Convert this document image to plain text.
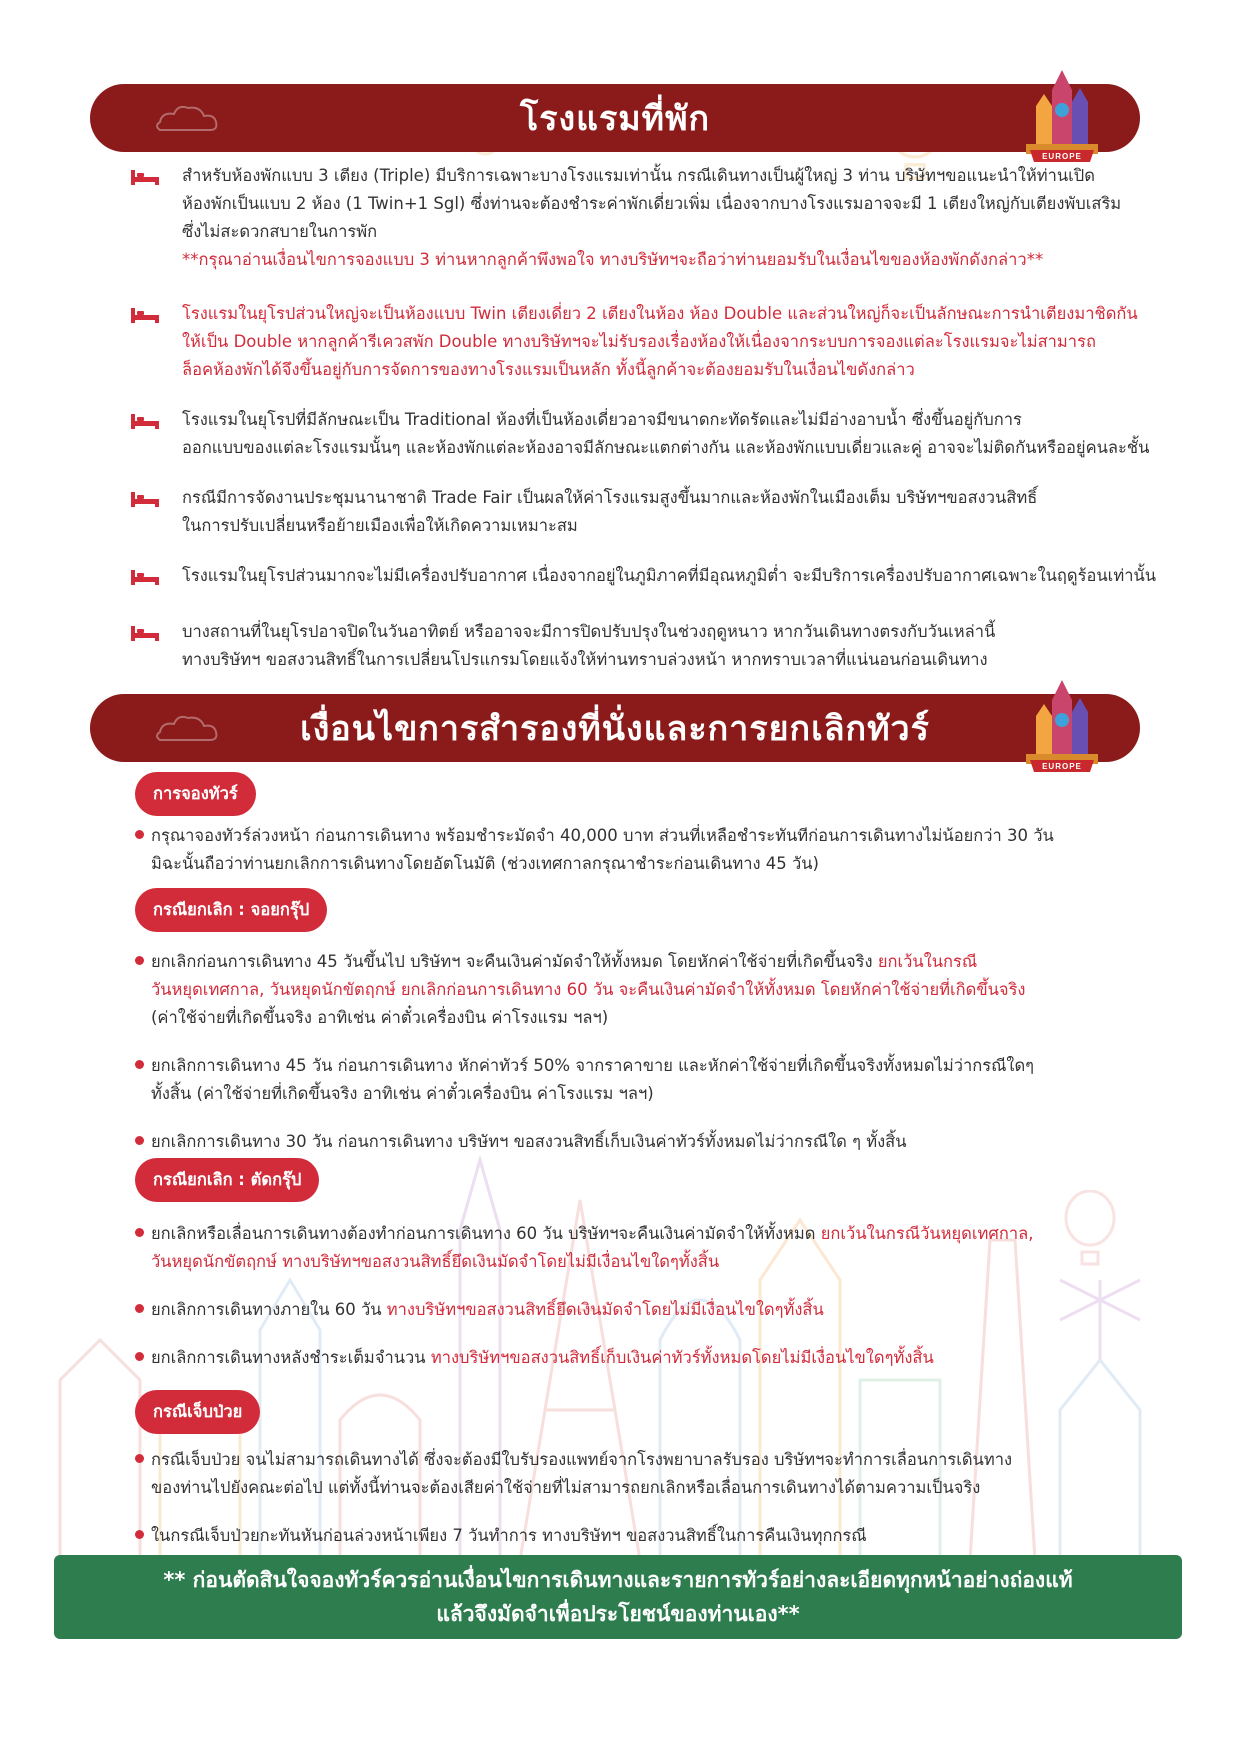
โรงแรมที่พัก
EUROPE
สำหรับห้องพักแบบ 3 เตียง (Triple) มีบริการเฉพาะบางโรงแรมเท่านั้น กรณีเดินทางเป็นผู้ใหญ่ 3 ท่าน บริษัทฯขอแนะนำให้ท่านเปิด
ห้องพักเป็นแบบ 2 ห้อง (1 Twin+1 Sgl) ซึ่งท่านจะต้องชำระค่าพักเดี่ยวเพิ่ม เนื่องจากบางโรงแรมอาจจะมี 1 เตียงใหญ่กับเตียงพับเสริม
ซึ่งไม่สะดวกสบายในการพัก
**กรุณาอ่านเงื่อนไขการจองแบบ 3 ท่านหากลูกค้าพึงพอใจ ทางบริษัทฯจะถือว่าท่านยอมรับในเงื่อนไขของห้องพักดังกล่าว**
โรงแรมในยุโรปส่วนใหญ่จะเป็นห้องแบบ Twin เตียงเดี่ยว 2 เตียงในห้อง ห้อง Double และส่วนใหญ่ก็จะเป็นลักษณะการนำเตียงมาชิดกัน
ให้เป็น Double หากลูกค้ารีเควสพัก Double ทางบริษัทฯจะไม่รับรองเรื่องห้องให้เนื่องจากระบบการจองแต่ละโรงแรมจะไม่สามารถ
ล็อคห้องพักได้จึงขึ้นอยู่กับการจัดการของทางโรงแรมเป็นหลัก ทั้งนี้ลูกค้าจะต้องยอมรับในเงื่อนไขดังกล่าว
โรงแรมในยุโรปที่มีลักษณะเป็น Traditional ห้องที่เป็นห้องเดี่ยวอาจมีขนาดกะทัดรัดและไม่มีอ่างอาบน้ำ ซึ่งขึ้นอยู่กับการ
ออกแบบของแต่ละโรงแรมนั้นๆ และห้องพักแต่ละห้องอาจมีลักษณะแตกต่างกัน และห้องพักแบบเดี่ยวและคู่ อาจจะไม่ติดกันหรืออยู่คนละชั้น
กรณีมีการจัดงานประชุมนานาชาติ Trade Fair เป็นผลให้ค่าโรงแรมสูงขึ้นมากและห้องพักในเมืองเต็ม บริษัทฯขอสงวนสิทธิ์
ในการปรับเปลี่ยนหรือย้ายเมืองเพื่อให้เกิดความเหมาะสม
โรงแรมในยุโรปส่วนมากจะไม่มีเครื่องปรับอากาศ เนื่องจากอยู่ในภูมิภาคที่มีอุณหภูมิต่ำ จะมีบริการเครื่องปรับอากาศเฉพาะในฤดูร้อนเท่านั้น
บางสถานที่ในยุโรปอาจปิดในวันอาทิตย์ หรืออาจจะมีการปิดปรับปรุงในช่วงฤดูหนาว หากวันเดินทางตรงกับวันเหล่านี้
ทางบริษัทฯ ขอสงวนสิทธิ์ในการเปลี่ยนโปรแกรมโดยแจ้งให้ท่านทราบล่วงหน้า หากทราบเวลาที่แน่นอนก่อนเดินทาง
เงื่อนไขการสำรองที่นั่งและการยกเลิกทัวร์
EUROPE
การจองทัวร์
กรุณาจองทัวร์ล่วงหน้า ก่อนการเดินทาง พร้อมชำระมัดจำ 40,000 บาท ส่วนที่เหลือชำระทันทีก่อนการเดินทางไม่น้อยกว่า 30 วัน
มิฉะนั้นถือว่าท่านยกเลิกการเดินทางโดยอัตโนมัติ (ช่วงเทศกาลกรุณาชำระก่อนเดินทาง 45 วัน)
กรณียกเลิก : จอยกรุ๊ป
ยกเลิกก่อนการเดินทาง 45 วันขึ้นไป บริษัทฯ จะคืนเงินค่ามัดจำให้ทั้งหมด โดยหักค่าใช้จ่ายที่เกิดขึ้นจริง ยกเว้นในกรณี
วันหยุดเทศกาล, วันหยุดนักขัตฤกษ์ ยกเลิกก่อนการเดินทาง 60 วัน จะคืนเงินค่ามัดจำให้ทั้งหมด โดยหักค่าใช้จ่ายที่เกิดขึ้นจริง
(ค่าใช้จ่ายที่เกิดขึ้นจริง อาทิเช่น ค่าตั๋วเครื่องบิน ค่าโรงแรม ฯลฯ)
ยกเลิกการเดินทาง 45 วัน ก่อนการเดินทาง หักค่าทัวร์ 50% จากราคาขาย และหักค่าใช้จ่ายที่เกิดขึ้นจริงทั้งหมดไม่ว่ากรณีใดๆ
ทั้งสิ้น (ค่าใช้จ่ายที่เกิดขึ้นจริง อาทิเช่น ค่าตั๋วเครื่องบิน ค่าโรงแรม ฯลฯ)
ยกเลิกการเดินทาง 30 วัน ก่อนการเดินทาง บริษัทฯ ขอสงวนสิทธิ์เก็บเงินค่าทัวร์ทั้งหมดไม่ว่ากรณีใด ๆ ทั้งสิ้น
กรณียกเลิก : ตัดกรุ๊ป
ยกเลิกหรือเลื่อนการเดินทางต้องทำก่อนการเดินทาง 60 วัน บริษัทฯจะคืนเงินค่ามัดจำให้ทั้งหมด ยกเว้นในกรณีวันหยุดเทศกาล,
วันหยุดนักขัตฤกษ์ ทางบริษัทฯขอสงวนสิทธิ์ยึดเงินมัดจำโดยไม่มีเงื่อนไขใดๆทั้งสิ้น
ยกเลิกการเดินทางภายใน 60 วัน ทางบริษัทฯขอสงวนสิทธิ์ยึดเงินมัดจำโดยไม่มีเงื่อนไขใดๆทั้งสิ้น
ยกเลิกการเดินทางหลังชำระเต็มจำนวน ทางบริษัทฯขอสงวนสิทธิ์เก็บเงินค่าทัวร์ทั้งหมดโดยไม่มีเงื่อนไขใดๆทั้งสิ้น
กรณีเจ็บป่วย
กรณีเจ็บป่วย จนไม่สามารถเดินทางได้ ซึ่งจะต้องมีใบรับรองแพทย์จากโรงพยาบาลรับรอง บริษัทฯจะทำการเลื่อนการเดินทาง
ของท่านไปยังคณะต่อไป แต่ทั้งนี้ท่านจะต้องเสียค่าใช้จ่ายที่ไม่สามารถยกเลิกหรือเลื่อนการเดินทางได้ตามความเป็นจริง
ในกรณีเจ็บป่วยกะทันหันก่อนล่วงหน้าเพียง 7 วันทำการ ทางบริษัทฯ ขอสงวนสิทธิ์ในการคืนเงินทุกกรณี
** ก่อนตัดสินใจจองทัวร์ควรอ่านเงื่อนไขการเดินทางและรายการทัวร์อย่างละเอียดทุกหน้าอย่างถ่องแท้
แล้วจึงมัดจำเพื่อประโยชน์ของท่านเอง**
